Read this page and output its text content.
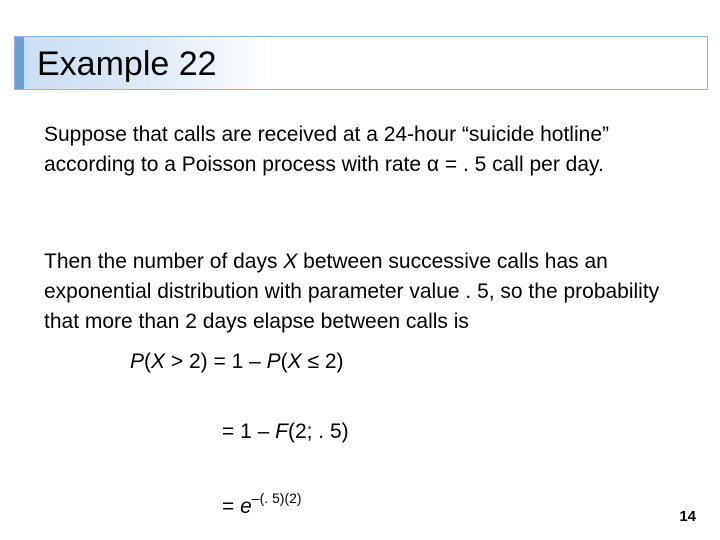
Example 22

Suppose that calls are received at a 24-hour “suicide hotline” according to a Poisson process with rate α = . 5 call per day.

Then the number of days X between successive calls has an exponential distribution with parameter value . 5, so the probability that more than 2 days elapse between calls is

P(X > 2) = 1 – P(X ≤ 2)
= 1 – F(2; . 5)
= $e^{-(. 5)(2)}$
14
